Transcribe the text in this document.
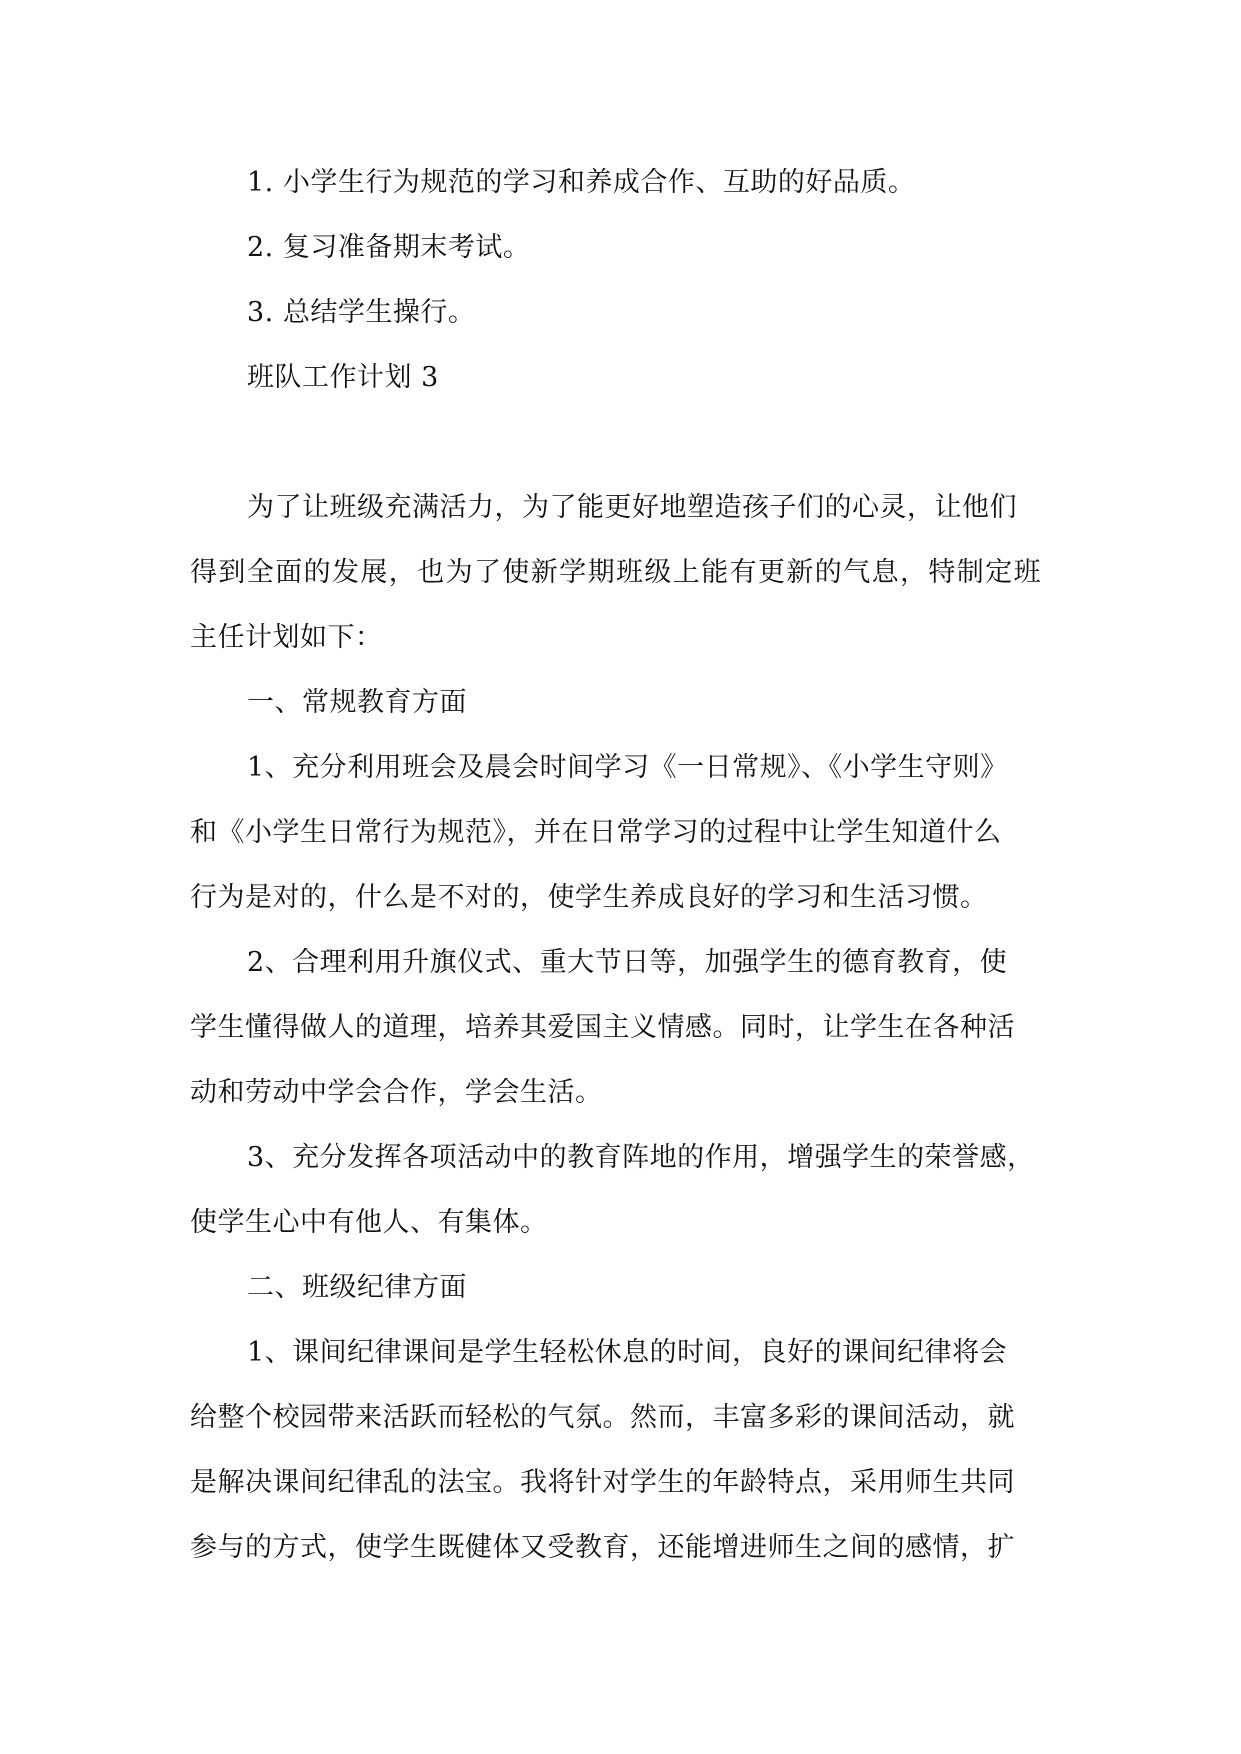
1. 小学生行为规范的学习和养成合作、互助的好品质。
2. 复习准备期末考试。
3. 总结学生操行。
班队工作计划 3
为了让班级充满活力，为了能更好地塑造孩子们的心灵，让他们
得到全面的发展，也为了使新学期班级上能有更新的气息，特制定班
主任计划如下：
一、常规教育方面
1、充分利用班会及晨会时间学习《一日常规》、《小学生守则》
和《小学生日常行为规范》，并在日常学习的过程中让学生知道什么
行为是对的，什么是不对的，使学生养成良好的学习和生活习惯。
2、合理利用升旗仪式、重大节日等，加强学生的德育教育，使
学生懂得做人的道理，培养其爱国主义情感。同时，让学生在各种活
动和劳动中学会合作，学会生活。
3、充分发挥各项活动中的教育阵地的作用，增强学生的荣誉感，
使学生心中有他人、有集体。
二、班级纪律方面
1、课间纪律课间是学生轻松休息的时间，良好的课间纪律将会
给整个校园带来活跃而轻松的气氛。然而，丰富多彩的课间活动，就
是解决课间纪律乱的法宝。我将针对学生的年龄特点，采用师生共同
参与的方式，使学生既健体又受教育，还能增进师生之间的感情，扩
